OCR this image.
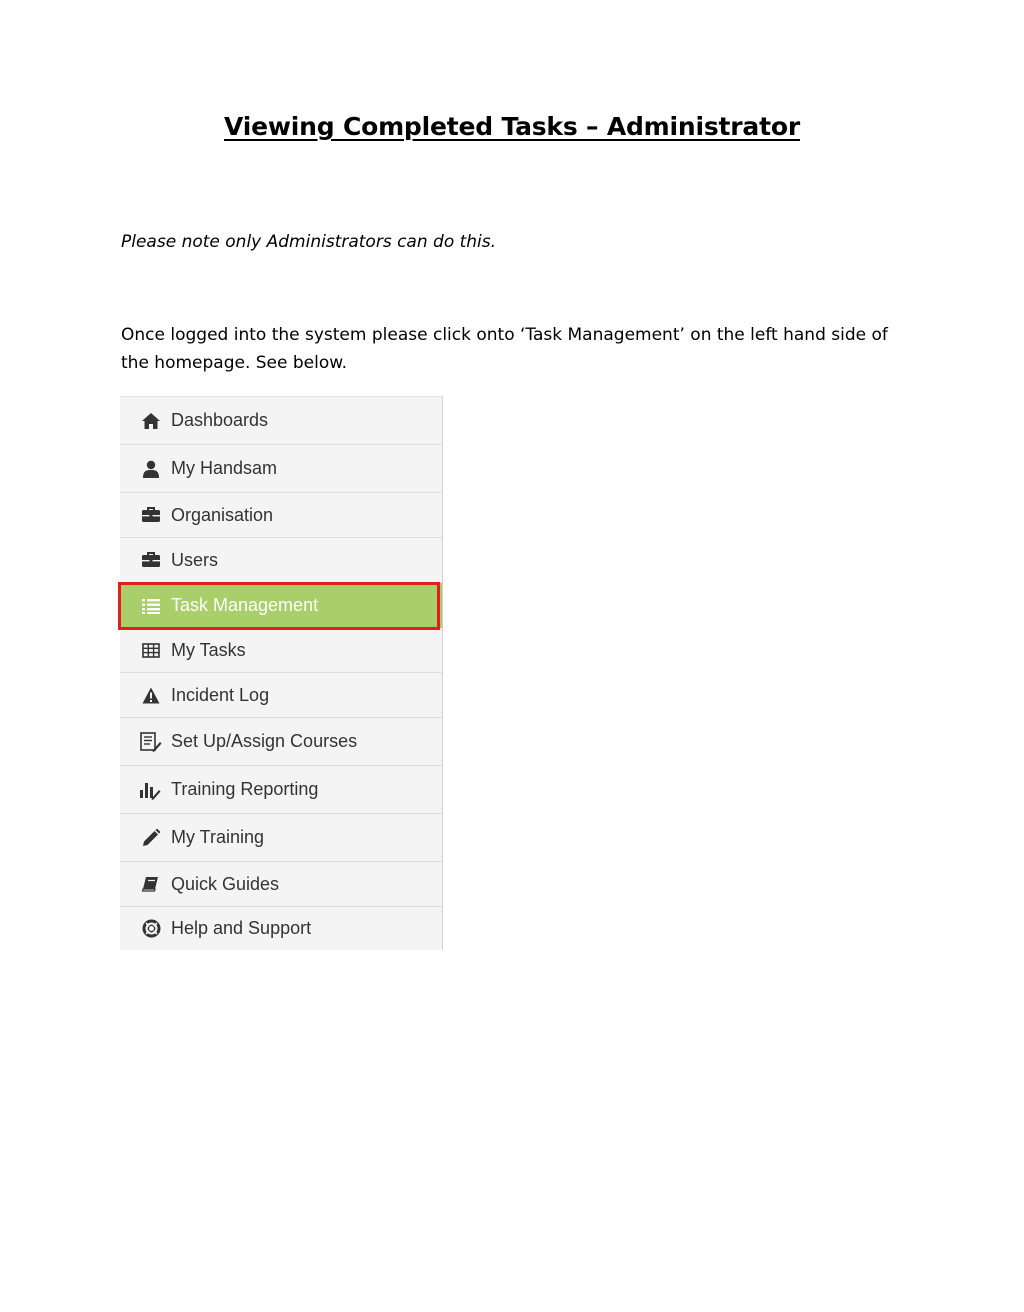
Viewing Completed Tasks – Administrator
Please note only Administrators can do this.
Once logged into the system please click onto ‘Task Management’ on the left hand side of the homepage. See below.
Dashboards
My Handsam
Organisation
Users
Task Management
My Tasks
Incident Log
Set Up/Assign Courses
Training Reporting
My Training
Quick Guides
Help and Support
